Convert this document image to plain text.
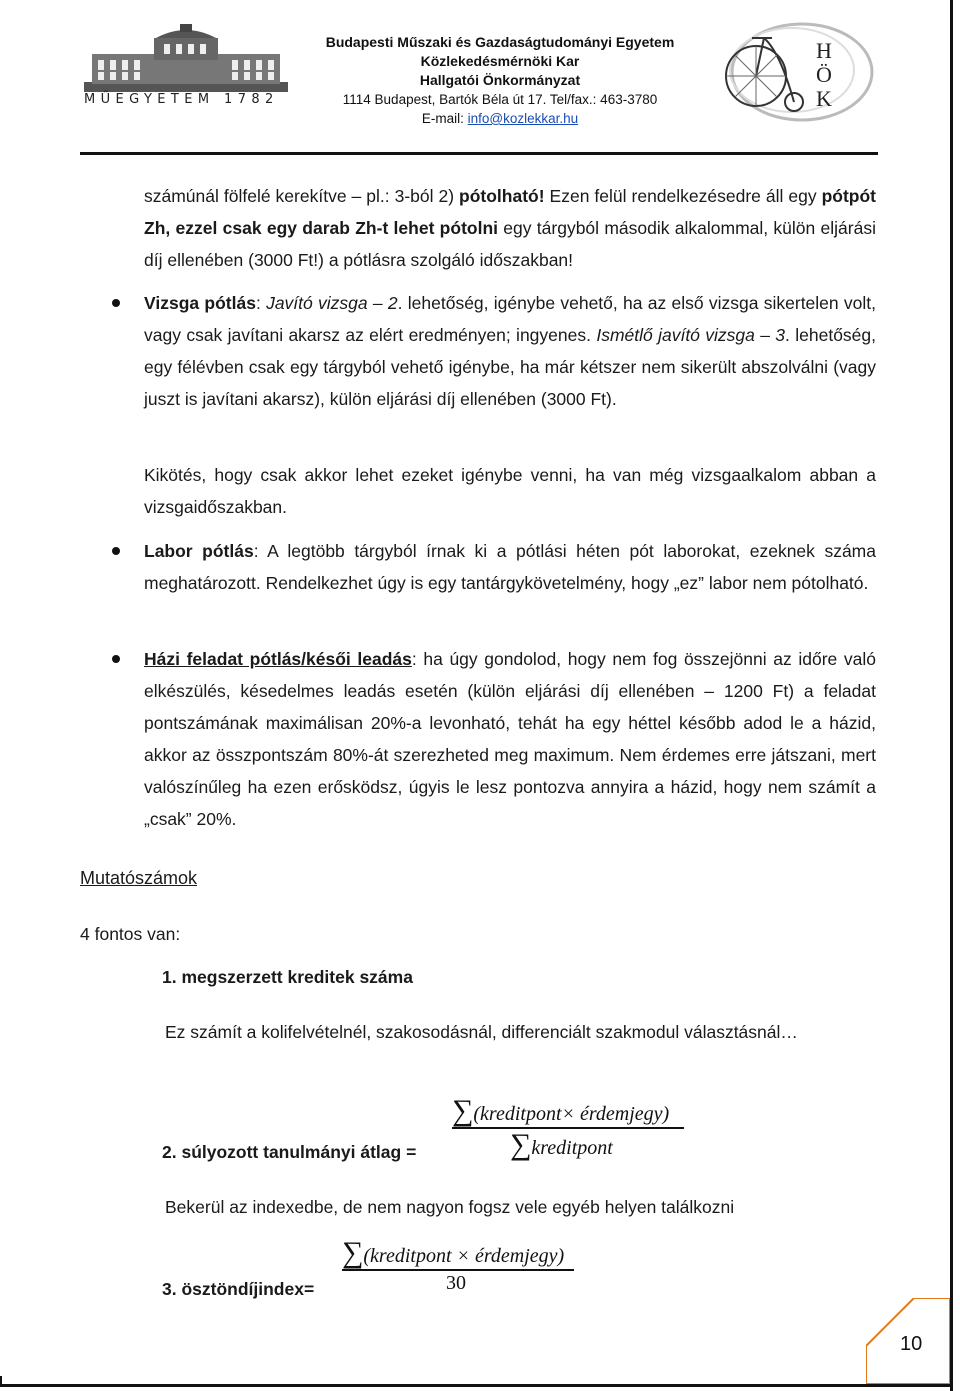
MŰEGYETEM 1782
Budapesti Műszaki és Gazdaságtudományi Egyetem
Közlekedésmérnöki Kar
Hallgatói Önkormányzat
1114 Budapest, Bartók Béla út 17. Tel/fax.: 463-3780
E-mail: info@kozlekkar.hu
H
Ö
K
számúnál fölfelé kerekítve – pl.: 3-ból 2) pótolható! Ezen felül rendelkezésedre áll egy pótpót Zh, ezzel csak egy darab Zh-t lehet pótolni egy tárgyból második alkalommal, külön eljárási díj ellenében (3000 Ft!) a pótlásra szolgáló időszakban!
Vizsga pótlás: Javító vizsga – 2. lehetőség, igénybe vehető, ha az első vizsga sikertelen volt, vagy csak javítani akarsz az elért eredményen; ingyenes. Ismétlő javító vizsga – 3. lehetőség, egy félévben csak egy tárgyból vehető igénybe, ha már kétszer nem sikerült abszolválni (vagy juszt is javítani akarsz), külön eljárási díj ellenében (3000 Ft).
Kikötés, hogy csak akkor lehet ezeket igénybe venni, ha van még vizsgaalkalom abban a vizsgaidőszakban.
Labor pótlás: A legtöbb tárgyból írnak ki a pótlási héten pót laborokat, ezeknek száma meghatározott. Rendelkezhet úgy is egy tantárgykövetelmény, hogy „ez” labor nem pótolható.
Házi feladat pótlás/késői leadás: ha úgy gondolod, hogy nem fog összejönni az időre való elkészülés, késedelmes leadás esetén (külön eljárási díj ellenében – 1200 Ft) a feladat pontszámának maximálisan 20%-a levonható, tehát ha egy héttel később adod le a házid, akkor az összpontszám 80%-át szerezheted meg maximum. Nem érdemes erre játszani, mert valószínűleg ha ezen erősködsz, úgyis le lesz pontozva annyira a házid, hogy nem számít a „csak” 20%.
Mutatószámok
4 fontos van:
1. megszerzett kreditek száma
Ez számít a kolifelvételnél, szakosodásnál, differenciált szakmodul választásnál…
∑(kreditpont× érdemjegy)
∑kreditpont
2. súlyozott tanulmányi átlag =
Bekerül az indexedbe, de nem nagyon fogsz vele egyéb helyen találkozni
∑(kreditpont × érdemjegy)
30
3. ösztöndíjindex=
10
